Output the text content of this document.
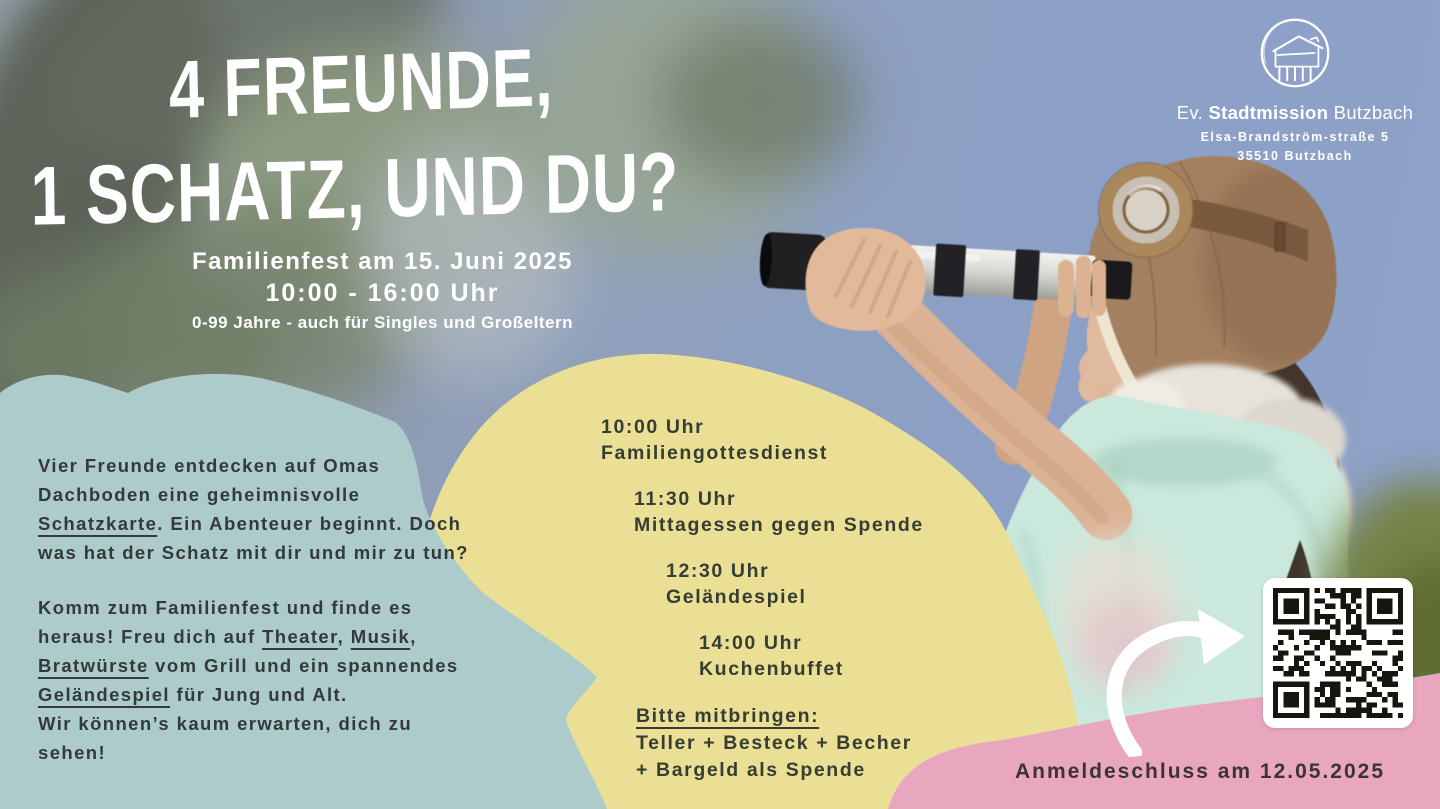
4 FREUNDE,
1 SCHATZ, UND DU?
Familienfest am 15. Juni 2025
10:00 - 16:00 Uhr
0-99 Jahre - auch für Singles und Großeltern
Ev. Stadtmission Butzbach
Elsa-Brandström-straße 5
35510 Butzbach
Vier Freunde entdecken auf Omas
Dachboden eine geheimnisvolle
Schatzkarte. Ein Abenteuer beginnt. Doch
was hat der Schatz mit dir und mir zu tun?
Komm zum Familienfest und finde es
heraus! Freu dich auf Theater, Musik,
Bratwürste vom Grill und ein spannendes
Geländespiel für Jung und Alt.
Wir können’s kaum erwarten, dich zu
sehen!
10:00 Uhr
Familiengottesdienst
11:30 Uhr
Mittagessen gegen Spende
12:30 Uhr
Geländespiel
14:00 Uhr
Kuchenbuffet
Bitte mitbringen:
Teller + Besteck + Becher
+ Bargeld als Spende	Anmeldeschluss am 12.05.2025
